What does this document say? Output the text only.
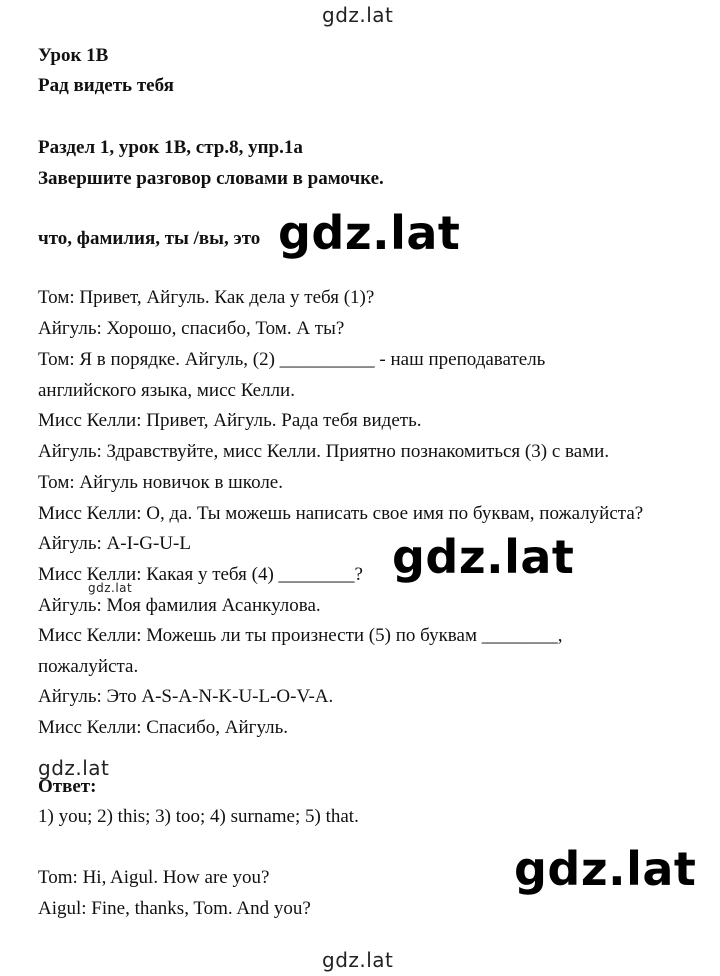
gdz.lat
Урок 1В
Рад видеть тебя
Раздел 1, урок 1В, стр.8, упр.1а
Завершите разговор словами в рамочке.
что, фамилия, ты /вы, это gdz.lat
Том: Привет, Айгуль. Как дела у тебя (1)?
Айгуль: Хорошо, спасибо, Том. А ты?
Том: Я в порядке. Айгуль, (2) __________ - наш преподаватель
английского языка, мисс Келли.
Мисс Келли: Привет, Айгуль. Рада тебя видеть.
Айгуль: Здравствуйте, мисс Келли. Приятно познакомиться (3) с вами.
Том: Айгуль новичок в школе.
Мисс Келли: О, да. Ты можешь написать свое имя по буквам, пожалуйста?
Айгуль: A-I-G-U-L
Мисс Келли: Какая у тебя (4) ________?
Айгуль: Моя фамилия Асанкулова.
Мисс Келли: Можешь ли ты произнести (5) по буквам ________,
пожалуйста.
Айгуль: Это A-S-A-N-K-U-L-O-V-A.
Мисс Келли: Спасибо, Айгуль.
gdz.lat
gdz.lat
gdz.lat
Ответ:
1) you; 2) this; 3) too; 4) surname; 5) that.
Tom: Hi, Aigul. How are you?
Aigul: Fine, thanks, Tom. And you?
gdz.lat
gdz.lat
